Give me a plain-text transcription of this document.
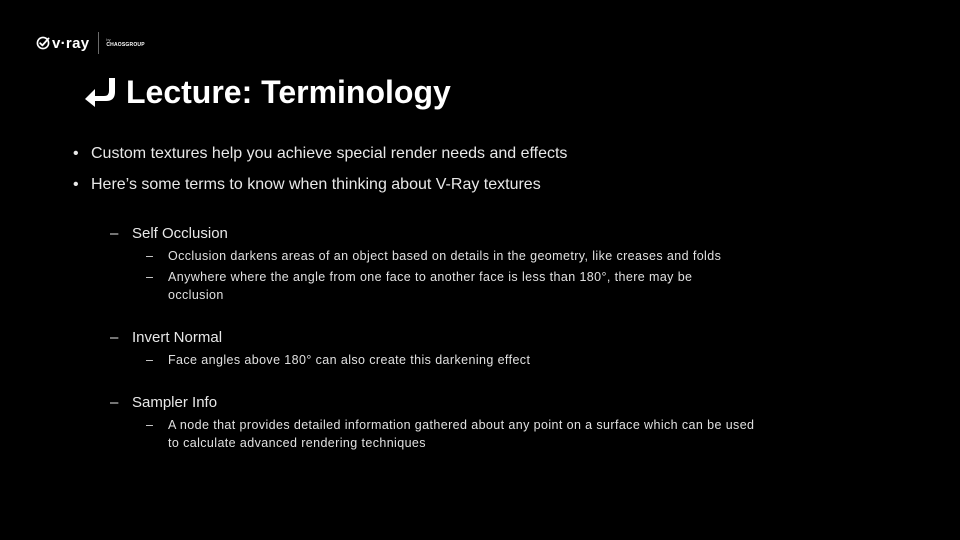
v·ray	by
CHAOSGROUP
Lecture: Terminology
• Custom textures help you achieve special render needs and effects
• Here’s some terms to know when thinking about V-Ray textures
– Self Occlusion
–	Occlusion darkens areas of an object based on details in the geometry, like creases and folds
–	Anywhere where the angle from one face to another face is less than 180°, there may be occlusion
– Invert Normal
–	Face angles above 180° can also create this darkening effect
– Sampler Info
–	A node that provides detailed information gathered about any point on a surface which can be used to calculate advanced rendering techniques
